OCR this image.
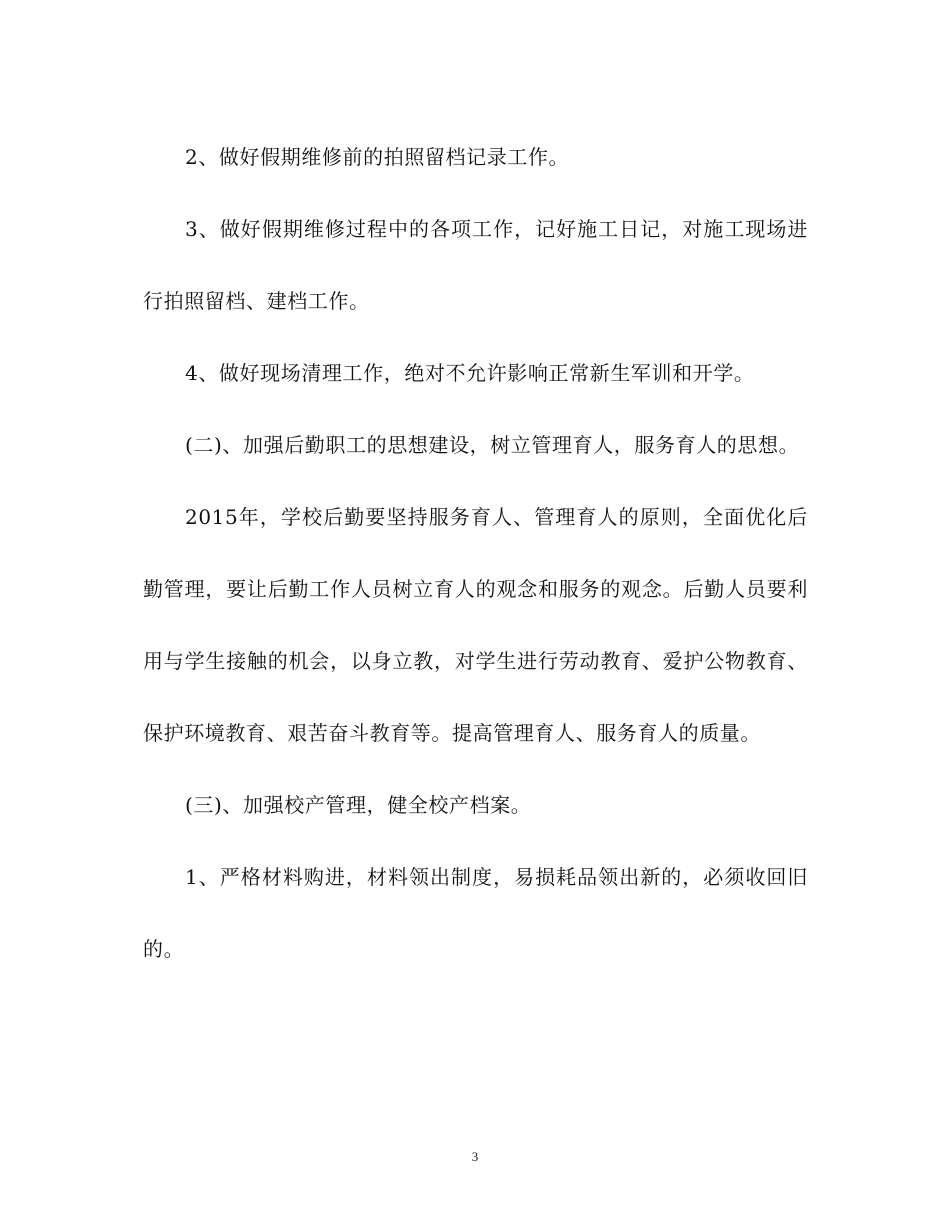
2、做好假期维修前的拍照留档记录工作。

3、做好假期维修过程中的各项工作，记好施工日记，对施工现场进行拍照留档、建档工作。

4、做好现场清理工作，绝对不允许影响正常新生军训和开学。

(二)、加强后勤职工的思想建设，树立管理育人，服务育人的思想。

2015年，学校后勤要坚持服务育人、管理育人的原则，全面优化后勤管理，要让后勤工作人员树立育人的观念和服务的观念。后勤人员要利用与学生接触的机会，以身立教，对学生进行劳动教育、爱护公物教育、保护环境教育、艰苦奋斗教育等。提高管理育人、服务育人的质量。

(三)、加强校产管理，健全校产档案。

1、严格材料购进，材料领出制度，易损耗品领出新的，必须收回旧的。

3
